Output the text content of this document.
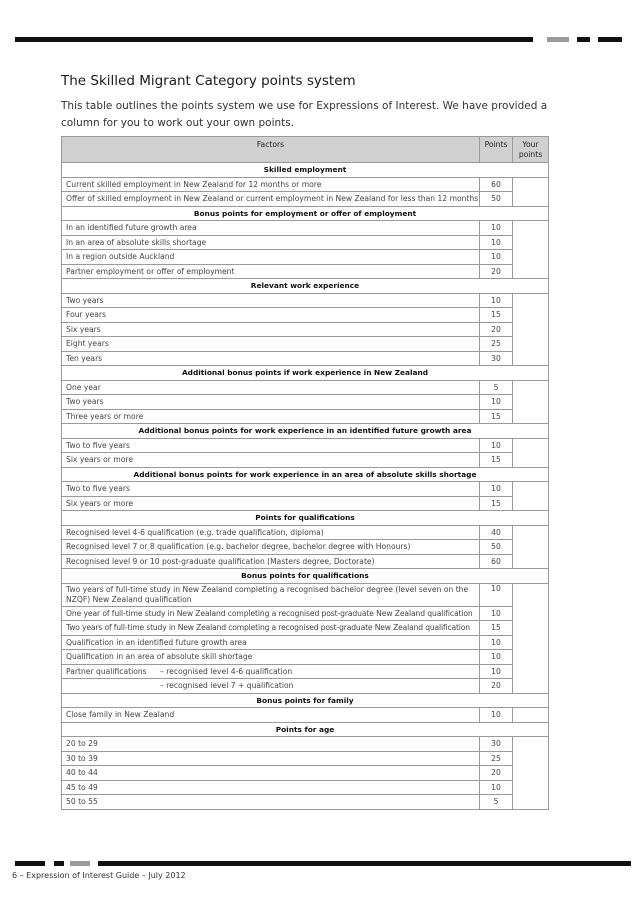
The Skilled Migrant Category points system
This table outlines the points system we use for Expressions of Interest. We have provided a column for you to work out your own points.
Factors	Points	Your points
Skilled employment		
Current skilled employment in New Zealand for 12 months or more	60	
Offer of skilled employment in New Zealand or current employment in New Zealand for less than 12 months	50	
Bonus points for employment or offer of employment		
In an identified future growth area	10	
In an area of absolute skills shortage	10	
In a region outside Auckland	10	
Partner employment or offer of employment	20	
Relevant work experience		
Two years	10	
Four years	15	
Six years	20	
Eight years	25	
Ten years	30	
Additional bonus points if work experience in New Zealand		
One year	5	
Two years	10	
Three years or more	15	
Additional bonus points for work experience in an identified future growth area		
Two to five years	10	
Six years or more	15	
Additional bonus points for work experience in an area of absolute skills shortage		
Two to five years	10	
Six years or more	15	
Points for qualifications		
Recognised level 4-6 qualification (e.g. trade qualification, diploma)	40	
Recognised level 7 or 8 qualification (e.g. bachelor degree, bachelor degree with Honours)	50	
Recognised level 9 or 10 post-graduate qualification (Masters degree, Doctorate)	60	
Bonus points for qualifications		
Two years of full-time study in New Zealand completing a recognised bachelor degree (level seven on the NZQF) New Zealand qualification	10	
One year of full-time study in New Zealand completing a recognised post-graduate New Zealand qualification	10	
Two years of full-time study in New Zealand completing a recognised post-graduate New Zealand qualification	15	
Qualification in an identified future growth area	10	
Qualification in an area of absolute skill shortage	10	
Partner qualifications – recognised level 4-6 qualification	10	
– recognised level 7 + qualification	20	
Bonus points for family		
Close family in New Zealand	10	
Points for age		
20 to 29	30	
30 to 39	25	
40 to 44	20	
45 to 49	10	
50 to 55	5	
6 – Expression of Interest Guide – July 2012
